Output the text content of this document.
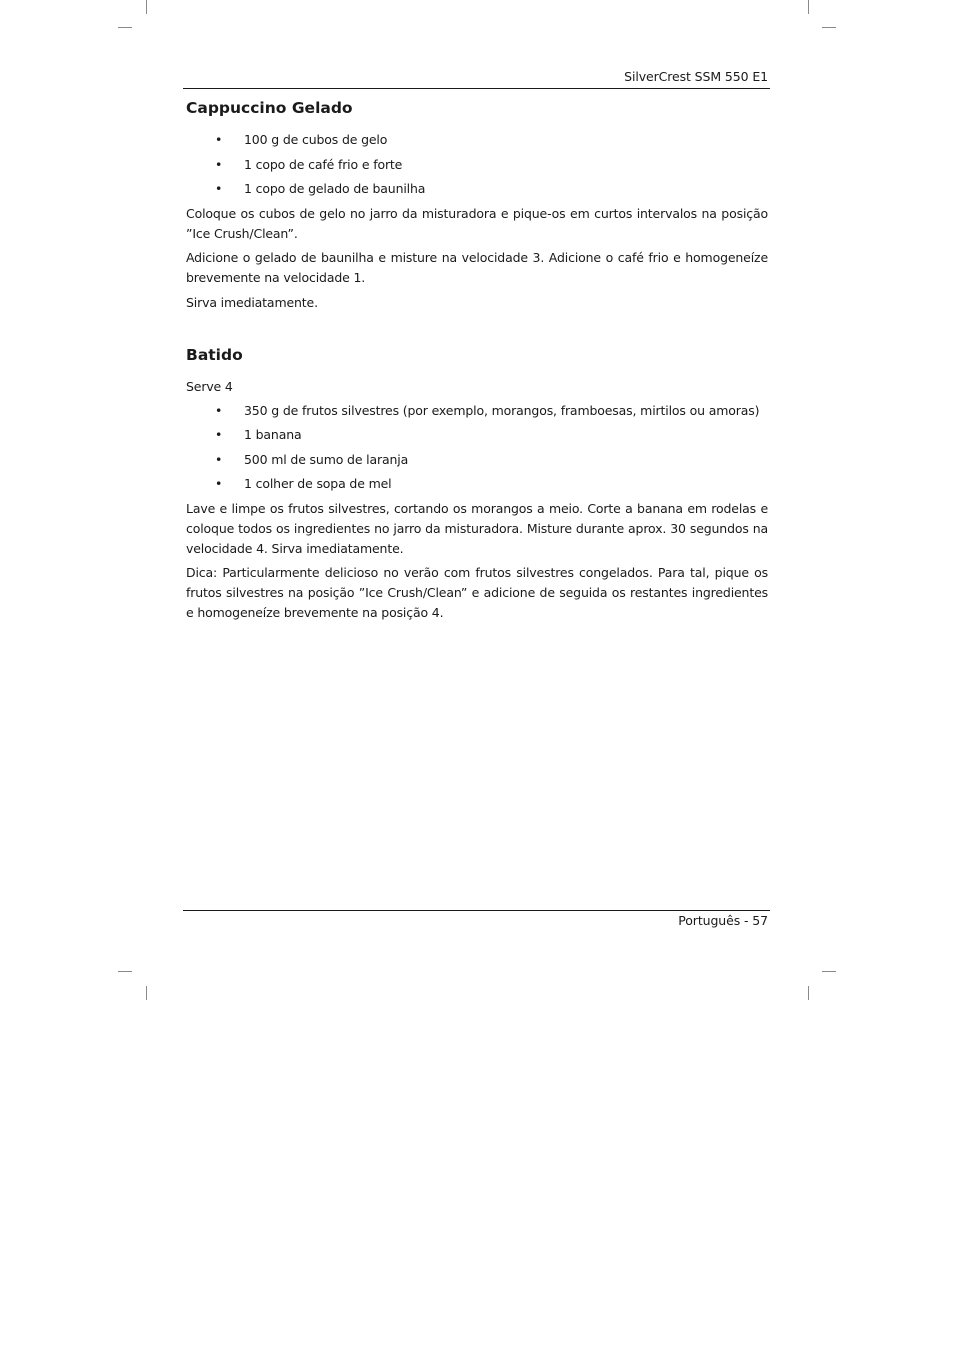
SilverCrest SSM 550 E1
Cappuccino Gelado
• 100 g de cubos de gelo
• 1 copo de café frio e forte
• 1 copo de gelado de baunilha

Coloque os cubos de gelo no jarro da misturadora e pique-os em curtos intervalos na posição ”Ice Crush/Clean”.

Adicione o gelado de baunilha e misture na velocidade 3. Adicione o café frio e homogeneíze brevemente na velocidade 1.

Sirva imediatamente.

Batido

Serve 4

• 350 g de frutos silvestres (por exemplo, morangos, framboesas, mirtilos ou amoras)
• 1 banana
• 500 ml de sumo de laranja
• 1 colher de sopa de mel

Lave e limpe os frutos silvestres, cortando os morangos a meio. Corte a banana em rodelas e coloque todos os ingredientes no jarro da misturadora. Misture durante aprox. 30 segundos na velocidade 4. Sirva imediatamente.

Dica: Particularmente delicioso no verão com frutos silvestres congelados. Para tal, pique os frutos silvestres na posição ”Ice Crush/Clean” e adicione de seguida os restantes ingredientes e homogeneíze brevemente na posição 4.

Português - 57
